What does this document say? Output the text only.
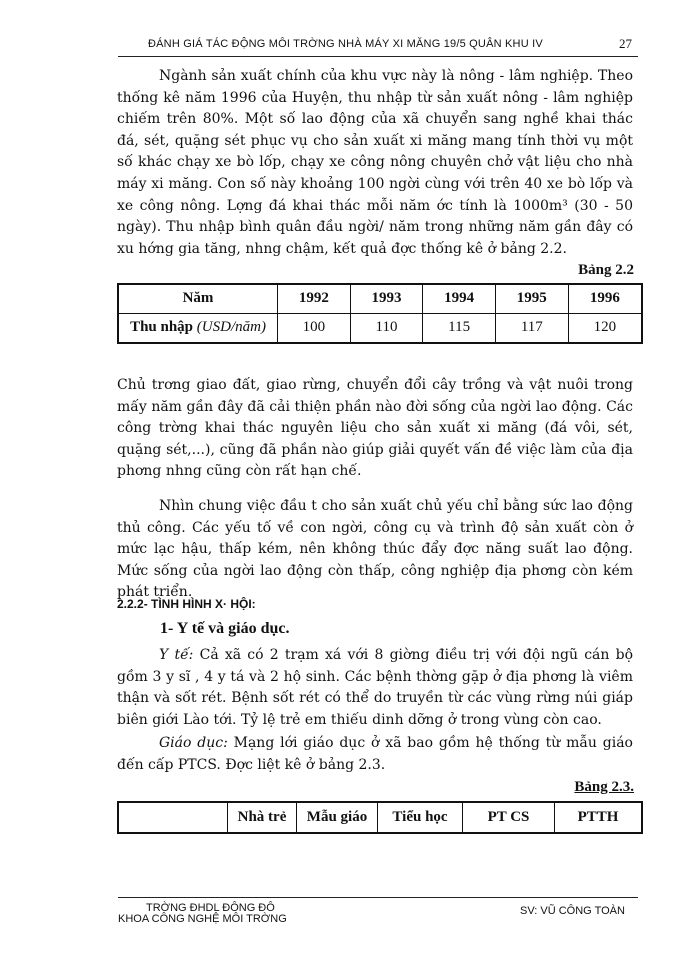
ĐÁNH GIÁ TÁC ĐỘNG MÔI TRỜNG NHÀ MÁY XI MĂNG 19/5 QUÂN KHU IV	27
Ngành sản xuất chính của khu vực này là nông - lâm nghiệp. Theo thống kê năm 1996 của Huyện, thu nhập từ sản xuất nông - lâm nghiệp chiếm trên 80%. Một số lao động của xã chuyển sang nghề khai thác đá, sét, quặng sét phục vụ cho sản xuất xi măng mang tính thời vụ một số khác chạy xe bò lốp, chạy xe công nông chuyên chở vật liệu cho nhà máy xi măng. Con số này khoảng 100 ngời cùng với trên 40 xe bò lốp và xe công nông. Lợng đá khai thác mỗi năm ớc tính là 1000m³ (30 - 50 ngày). Thu nhập bình quân đầu ngời/ năm trong những năm gần đây có xu hớng gia tăng, nhng chậm, kết quả đợc thống kê ở bảng 2.2.
Bảng 2.2
Năm	1992	1993	1994	1995	1996
Thu nhập (USD/năm)	100	110	115	117	120
Chủ trơng giao đất, giao rừng, chuyển đổi cây trồng và vật nuôi trong mấy năm gần đây đã cải thiện phần nào đời sống của ngời lao động. Các công trờng khai thác nguyên liệu cho sản xuất xi măng (đá vôi, sét, quặng sét,...), cũng đã phần nào giúp giải quyết vấn đề việc làm của địa phơng nhng cũng còn rất hạn chế.
Nhìn chung việc đầu t cho sản xuất chủ yếu chỉ bằng sức lao động thủ công. Các yếu tố về con ngời, công cụ và trình độ sản xuất còn ở mức lạc hậu, thấp kém, nên không thúc đẩy đợc năng suất lao động. Mức sống của ngời lao động còn thấp, công nghiệp địa phơng còn kém phát triển.
2.2.2- TÌNH HÌNH X· HỘI:
1- Y tế và giáo dục.
Y tế: Cả xã có 2 trạm xá với 8 giờng điều trị với đội ngũ cán bộ gồm 3 y sĩ , 4 y tá và 2 hộ sinh. Các bệnh thờng gặp ở địa phơng là viêm thận và sốt rét. Bệnh sốt rét có thể do truyền từ các vùng rừng núi giáp biên giới Lào tới. Tỷ lệ trẻ em thiếu dinh dỡng ở trong vùng còn cao.
Giáo dục: Mạng lới giáo dục ở xã bao gồm hệ thống từ mẫu giáo đến cấp PTCS. Đợc liệt kê ở bảng 2.3.
Bảng 2.3.
	Nhà trẻ	Mẫu giáo	Tiểu học	PT CS	PTTH
TRỜNG ĐHDL ĐÔNG ĐÔ
KHOA CÔNG NGHỆ MÔI TRỜNG
SV: VŨ CÔNG TOÀN
